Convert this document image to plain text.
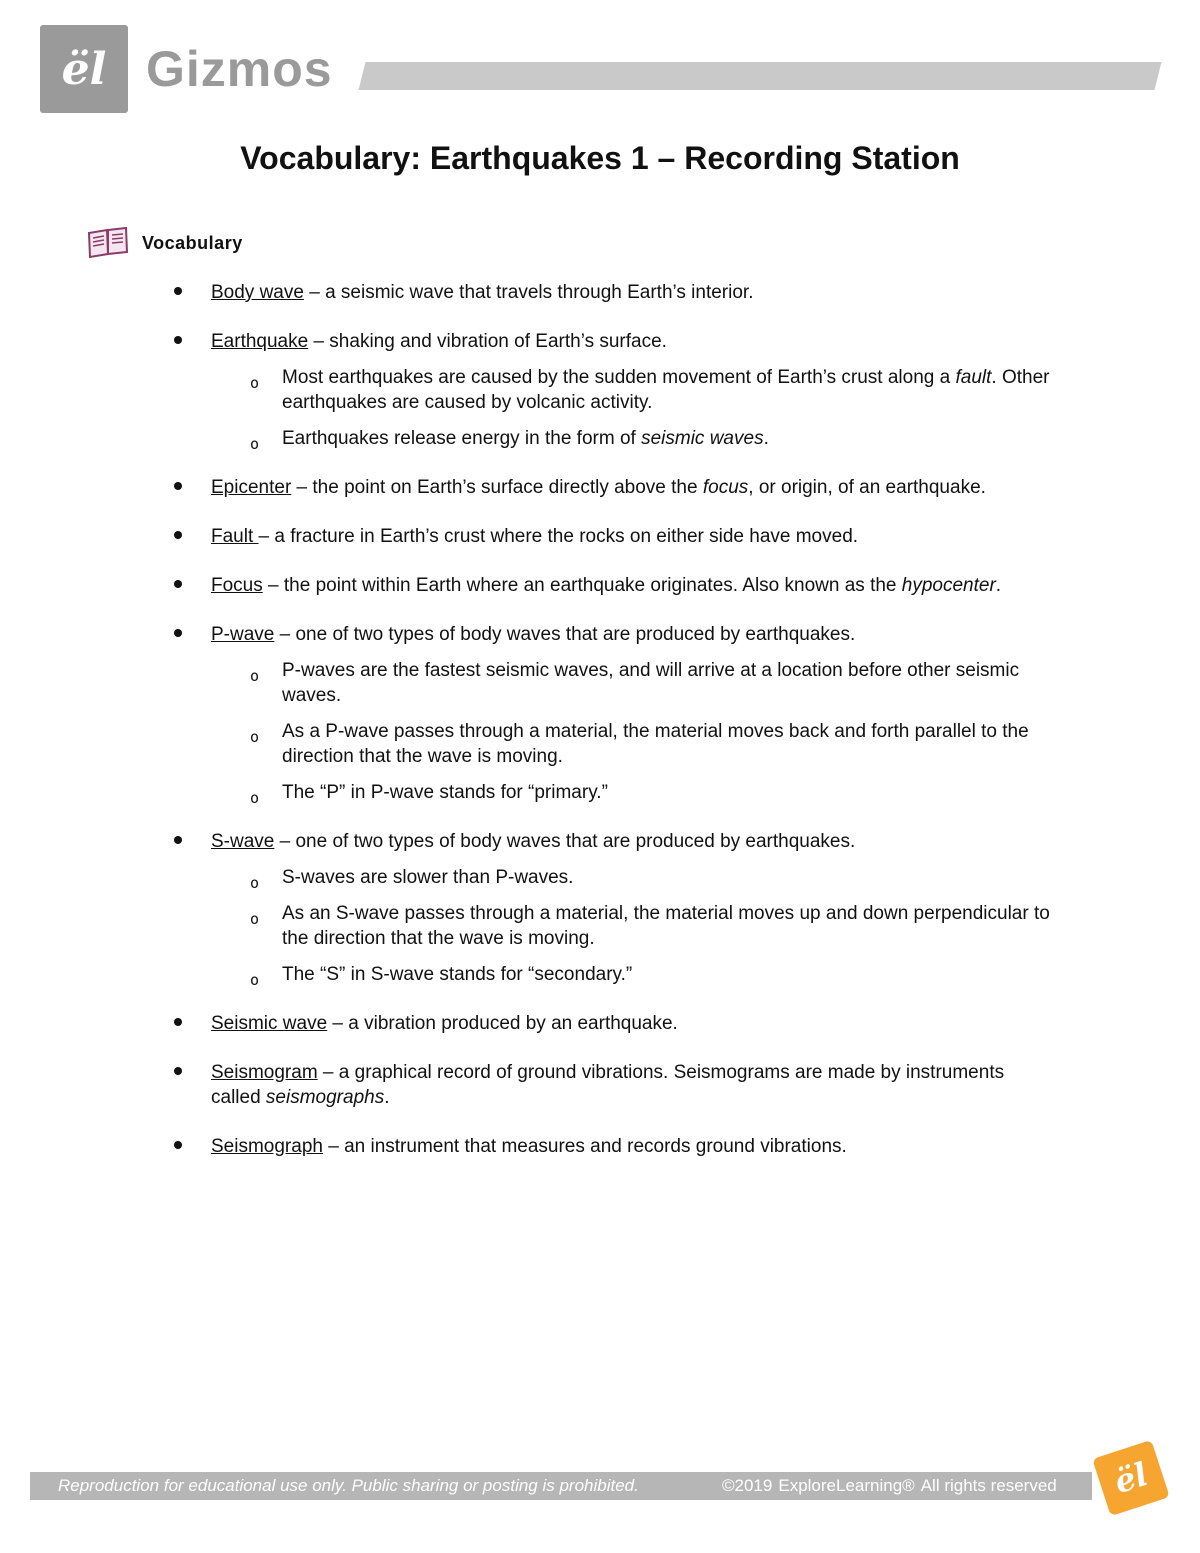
ël Gizmos
Vocabulary: Earthquakes 1 – Recording Station
Vocabulary
Body wave – a seismic wave that travels through Earth’s interior.
Earthquake – shaking and vibration of Earth’s surface.
o Most earthquakes are caused by the sudden movement of Earth’s crust along a fault. Other earthquakes are caused by volcanic activity.
o Earthquakes release energy in the form of seismic waves.
Epicenter – the point on Earth’s surface directly above the focus, or origin, of an earthquake.
Fault – a fracture in Earth’s crust where the rocks on either side have moved.
Focus – the point within Earth where an earthquake originates. Also known as the hypocenter.
P-wave – one of two types of body waves that are produced by earthquakes.
o P-waves are the fastest seismic waves, and will arrive at a location before other seismic waves.
o As a P-wave passes through a material, the material moves back and forth parallel to the direction that the wave is moving.
o The “P” in P-wave stands for “primary.”
S-wave – one of two types of body waves that are produced by earthquakes.
o S-waves are slower than P-waves.
o As an S-wave passes through a material, the material moves up and down perpendicular to the direction that the wave is moving.
o The “S” in S-wave stands for “secondary.”
Seismic wave – a vibration produced by an earthquake.
Seismogram – a graphical record of ground vibrations. Seismograms are made by instruments called seismographs.
Seismograph – an instrument that measures and records ground vibrations.
Reproduction for educational use only. Public sharing or posting is prohibited.	©2019 ExploreLearning® All rights reserved ël
